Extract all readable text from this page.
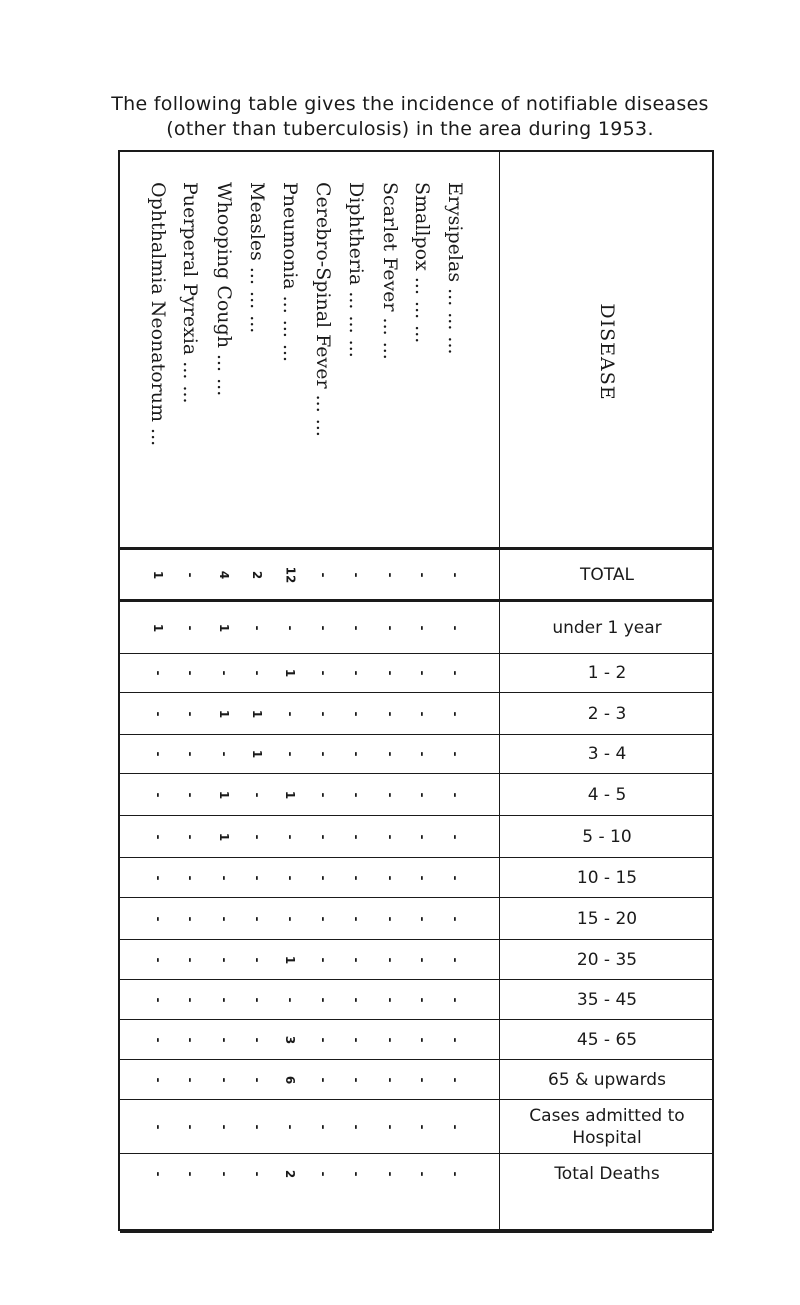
The following table gives the incidence of notifiable diseases (other than tuberculosis) in the area during 1953.
DISEASE
Erysipelas ... ... ...
Smallpox ... ... ...
Scarlet Fever ... ...
Diphtheria ... ... ...
Cerebro-Spinal Fever ... ...
Pneumonia ... ... ...
Measles ... ... ...
Whooping Cough ... ...
Puerperal Pyrexia ... ...
Ophthalmia Neonatorum ...
TOTAL
-
-
-
-
-
12
2
4
-
1
under 1 year
-
-
-
-
-
-
-
1
-
1
1 - 2
-
-
-
-
-
1
-
-
-
-
2 - 3
-
-
-
-
-
-
1
1
-
-
3 - 4
-
-
-
-
-
-
1
-
-
-
4 - 5
-
-
-
-
-
1
-
1
-
-
5 - 10
-
-
-
-
-
-
-
1
-
-
10 - 15
-
-
-
-
-
-
-
-
-
-
15 - 20
-
-
-
-
-
-
-
-
-
-
20 - 35
-
-
-
-
-
1
-
-
-
-
35 - 45
-
-
-
-
-
-
-
-
-
-
45 - 65
-
-
-
-
-
3
-
-
-
-
65 & upwards
-
-
-
-
-
6
-
-
-
-
Cases admitted to Hospital
-
-
-
-
-
-
-
-
-
-
Total Deaths
-
-
-
-
-
2
-
-
-
-
